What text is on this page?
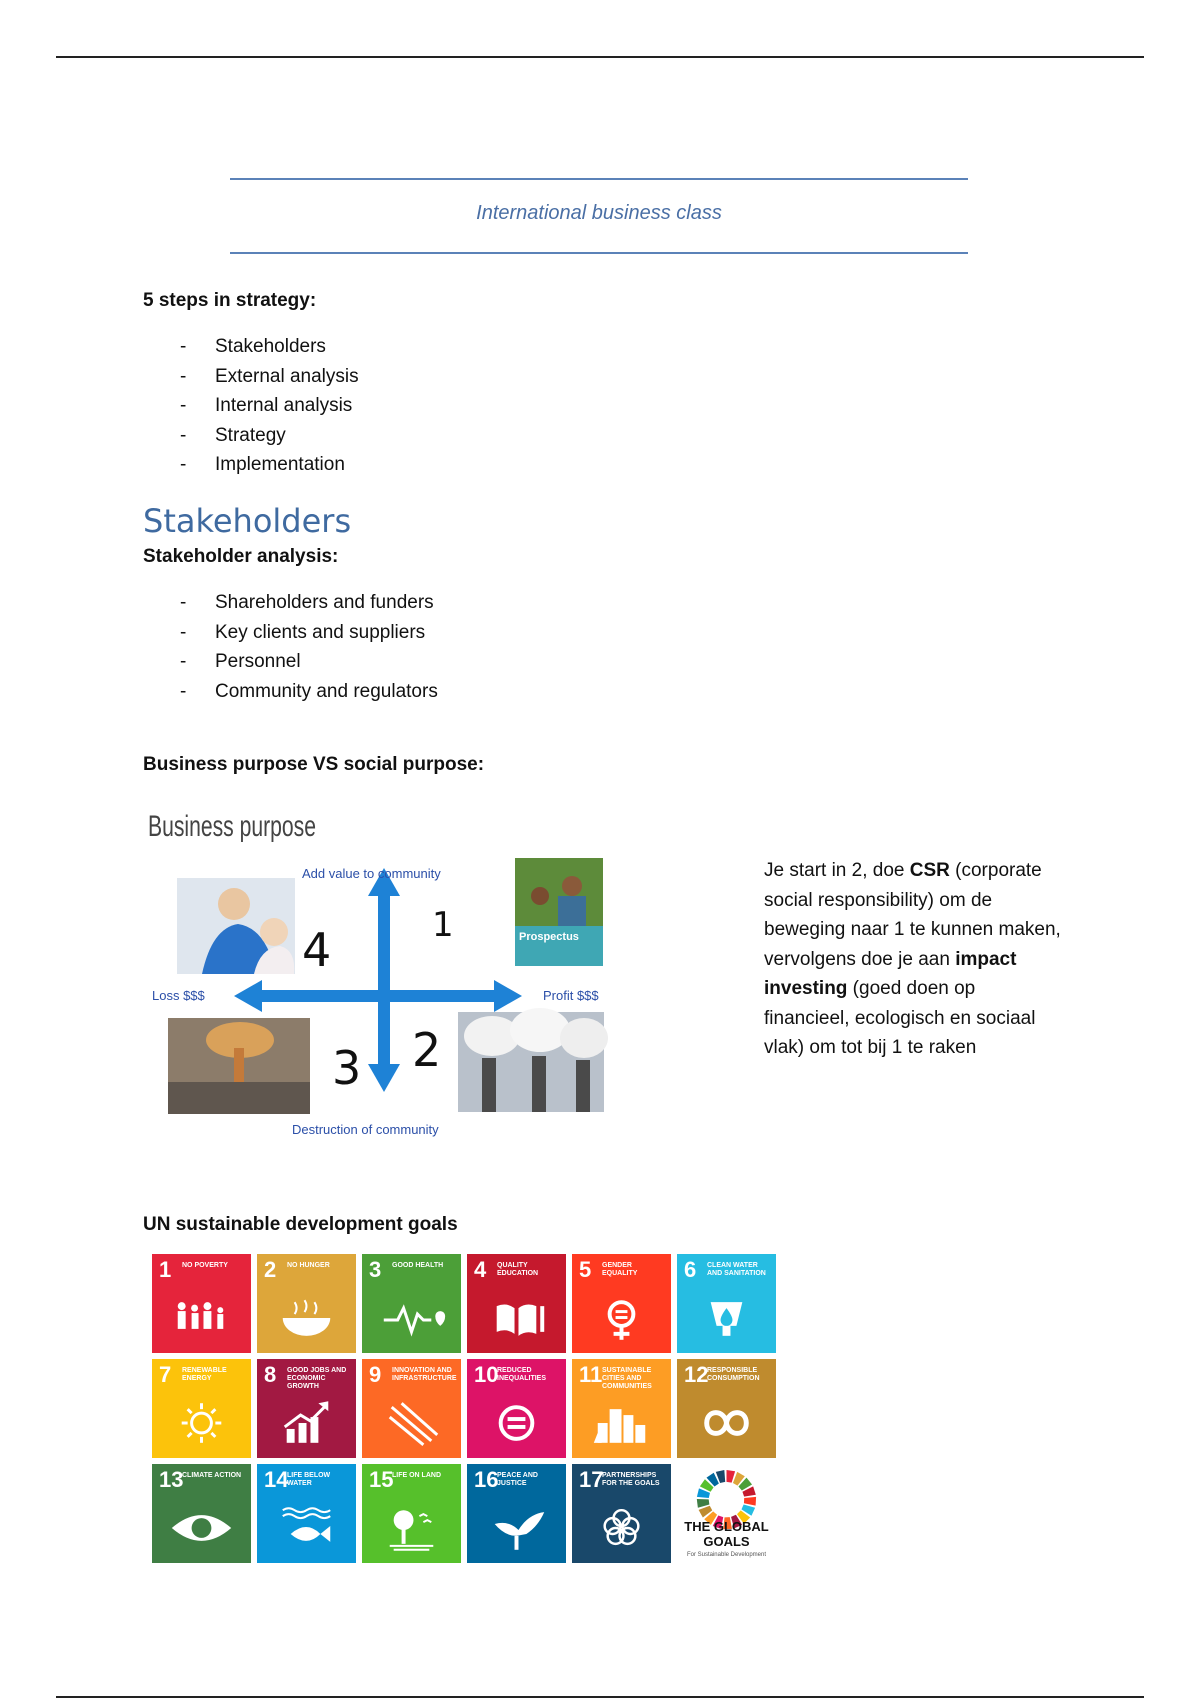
International business class
5 steps in strategy:
- Stakeholders
- External analysis
- Internal analysis
- Strategy
- Implementation
Stakeholders
Stakeholder analysis:
- Shareholders and funders
- Key clients and suppliers
- Personnel
- Community and regulators
Business purpose VS social purpose:
Business purpose
Prospectus
Add value to community
Destruction of community
Loss $$$	Profit $$$
4	1
3 2
Je start in 2, doe CSR (corporate social responsibility) om de beweging naar 1 te kunnen maken, vervolgens doe je aan impact investing (goed doen op financieel, ecologisch en sociaal vlak) om tot bij 1 te raken
UN sustainable development goals
THE GLOBAL GOALS
For Sustainable Development
1 NO POVERTY	2 NO HUNGER	3 GOOD HEALTH	4 QUALITY EDUCATION	5 GENDER EQUALITY	6 CLEAN WATER AND SANITATION
7 RENEWABLE ENERGY	8 GOOD JOBS AND ECONOMIC GROWTH	9 INNOVATION AND INFRASTRUCTURE 10
REDUCED INEQUALITIES	11 SUSTAINABLE CITIES AND COMMUNITIES	12
RESPONSIBLE CONSUMPTION
13
CLIMATE ACTION 14
LIFE BELOW WATER	15
LIFE ON LAND	16
PEACE AND JUSTICE	17
PARTNERSHIPS FOR THE GOALS
